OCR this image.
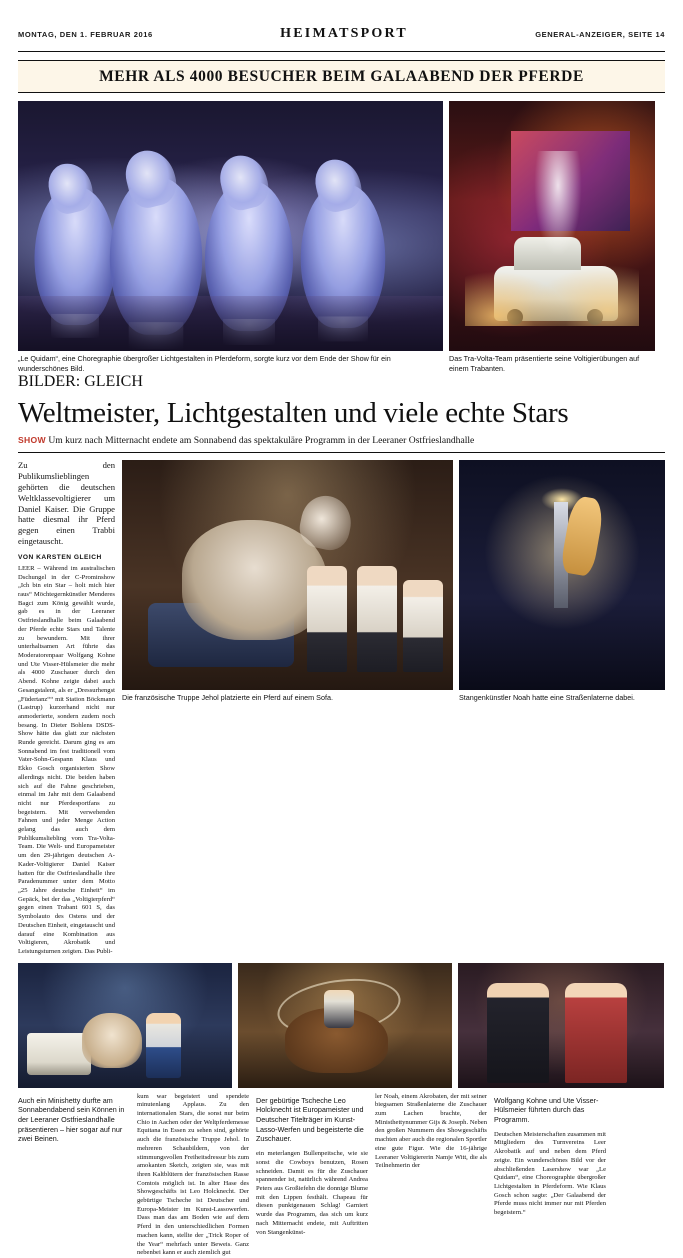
MONTAG, DEN 1. FEBRUAR 2016	HEIMATSPORT	GENERAL-ANZEIGER, SEITE 14
MEHR ALS 4000 BESUCHER BEIM GALAABEND DER PFERDE
„Le Quidam“, eine Choregraphie übergroßer Lichtgestalten in Pferdeform, sorgte kurz vor dem Ende der Show für ein wunderschönes Bild.
BILDER: GLEICH
Das Tra-Volta-Team präsentierte seine Voltigierübungen auf einem Trabanten.
Weltmeister, Lichtgestalten und viele echte Stars
SHOW Um kurz nach Mitternacht endete am Sonnabend das spektakuläre Programm in der Leeraner Ostfrieslandhalle
Zu den Publikumslieblingen gehörten die deutschen Weltklassevoltigierer um Daniel Kaiser. Die Gruppe hatte diesmal ihr Pferd gegen einen Trabbi eingetauscht.
VON KARSTEN GLEICH
LEER – Während im australischen Dschungel in der C-Prominshow „Ich bin ein Star – holt mich hier raus“ Möchtegernkünstler Menderes Bagci zum König gewählt wurde, gab es in der Leeraner Ostfrieslandhalle beim Galaabend der Pferde echte Stars und Talente zu bewundern. Mit ihrer unterhaltsamen Art führte das Moderatorenpaar Wolfgang Kohne und Ute Visser-Hülsmeier die mehr als 4000 Zuschauer durch den Abend. Kohne zeigte dabei auch Gesangstalent, als er „Dressurhengst „Füdertanz““ mit Station Böckmann (Lastrup) kurzerhand nicht nur anmoderierte, sondern zudem noch besang. In Dieter Bohlens DSDS-Show hätte das glatt zur nächsten Runde gereicht. Darum ging es am Sonnabend im fest traditionell vom Vater-Sohn-Gespann Klaus und Ekko Gosch organisierten Show allerdings nicht. Die beiden haben sich auf die Fahne geschrieben, einmal im Jahr mit dem Galaabend nicht nur Pferdesportfans zu begeistern. Mit verwehenden Fahnen und jeder Menge Action gelang das auch dem Publikumsliebling vom Tra-Volta-Team. Die Welt- und Europameister um den 29-jährigen deutschen A-Kader-Voltigierer Daniel Kaiser hatten für die Ostfrieslandhalle ihre Paradenummer unter dem Motto „25 Jahre deutsche Einheit“ im Gepäck, bei der das „Voltigierpferd“ gegen einen Trabant 601 S, das Symbolauto des Ostens und der Deutschen Einheit, eingetauscht und darauf eine Kombination aus Voltigieren, Akrobatik und Leistungsturnen zeigten. Das Publi-
Die französische Truppe Jehol platzierte ein Pferd auf einem Sofa.	Stangenkünstler Noah hatte eine Straßenlaterne dabei.
Auch ein Minishetty durfte am Sonnabendabend sein Können in der Leeraner Ostfrieslandhalle präsentieren – hier sogar auf nur zwei Beinen.
kum war begeistert und spendete minutenlang Applaus. Zu den internationalen Stars, die sonst nur beim Chio in Aachen oder der Weltpferdemesse Equitana in Essen zu sehen sind, gehörte auch die französische Truppe Jehol. In mehreren Schaubildern, von der stimmungsvollen Freiheitsdressur bis zum amokanten Sketch, zeigten sie, was mit ihren Kaltblütern der französischen Rasse Comtois möglich ist. In alter Hase des Showgeschäfts ist Leo Holcknecht. Der gebürtige Tscheche ist Deutscher und Europa-Meister im Kunst-Lassowerfen. Dass man das am Boden wie auf dem Pferd in den unterschiedlichen Formen machen kann, stellte der „Trick Roper of the Year“ mehrfach unter Beweis. Ganz nebenbei kann er auch ziemlich gut
Der gebürtige Tscheche Leo Holcknecht ist Europameister und Deutscher Titelträger im Kunst-Lasso-Werfen und begeisterte die Zuschauer.
ein meterlangen Bullenpeitsche, wie sie sonst die Cowboys benutzen, Rosen schneiden. Damit es für die Zuschauer spannender ist, natürlich während Andrea Peters aus Großiefehn die donnige Blume mit den Lippen festhält. Chapeau für diesen punktgenauen Schlag! Garniert wurde das Programm, das sich um kurz nach Mitternacht endete, mit Auftritten von Stangenkünst-
ler Noah, einem Akrobaten, der mit seiner biegsamen Straßenlaterne die Zuschauer zum Lachen brachte, der Ministhettynummer Gijs & Joseph. Neben den großen Nummern des Showgeschäfts machten aber auch die regionalen Sportler eine gute Figur. Wie die 16-jährige Leeraner Voltigiererin Namje Witt, die als Teilnehmerin der
Wolfgang Kohne und Ute Visser-Hülsmeier führten durch das Programm.
Deutschen Meisterschaften zusammen mit Mitgliedern des Turnvereins Leer Akrobatik auf und neben dem Pferd zeigte. Ein wunderschönes Bild vor der abschließenden Lasershow war „Le Quidam“, eine Choreographie übergroßer Lichtgestalten in Pferdeform. Wie Klaus Gosch schon sagte: „Der Galaabend der Pferde muss nicht immer nur mit Pferden begeistern.“
